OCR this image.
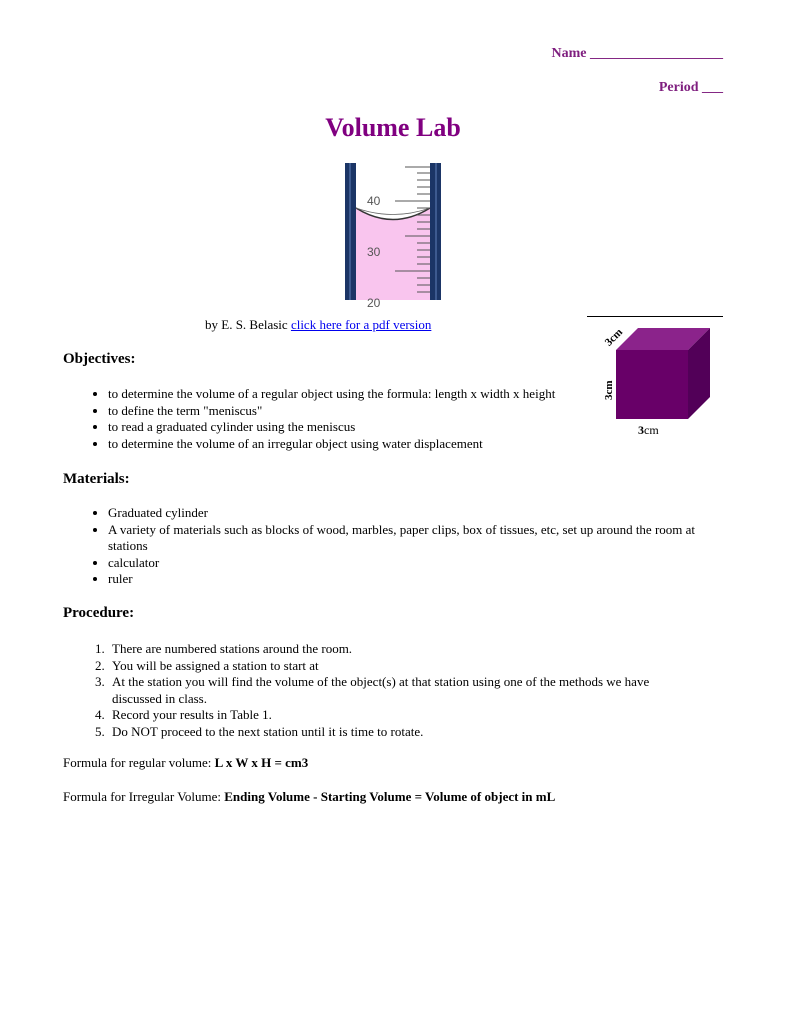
Name ___________________
Period ___
Volume Lab
40
30
20
by E. S. Belasic click here for a pdf version
3cm
3cm
3cm
Objectives:
• to determine the volume of a regular object using the formula: length x width x height
• to define the term "meniscus"
• to read a graduated cylinder using the meniscus
• to determine the volume of an irregular object using water displacement
Materials:
• Graduated cylinder
• A variety of materials such as blocks of wood, marbles, paper clips, box of tissues, etc, set up around the room at stations
• calculator
• ruler
Procedure:
1. There are numbered stations around the room.
2. You will be assigned a station to start at
3. At the station you will find the volume of the object(s) at that station using one of the methods we have discussed in class.
4. Record your results in Table 1.
5. Do NOT proceed to the next station until it is time to rotate.
Formula for regular volume: L x W x H = cm3
Formula for Irregular Volume: Ending Volume - Starting Volume = Volume of object in mL
